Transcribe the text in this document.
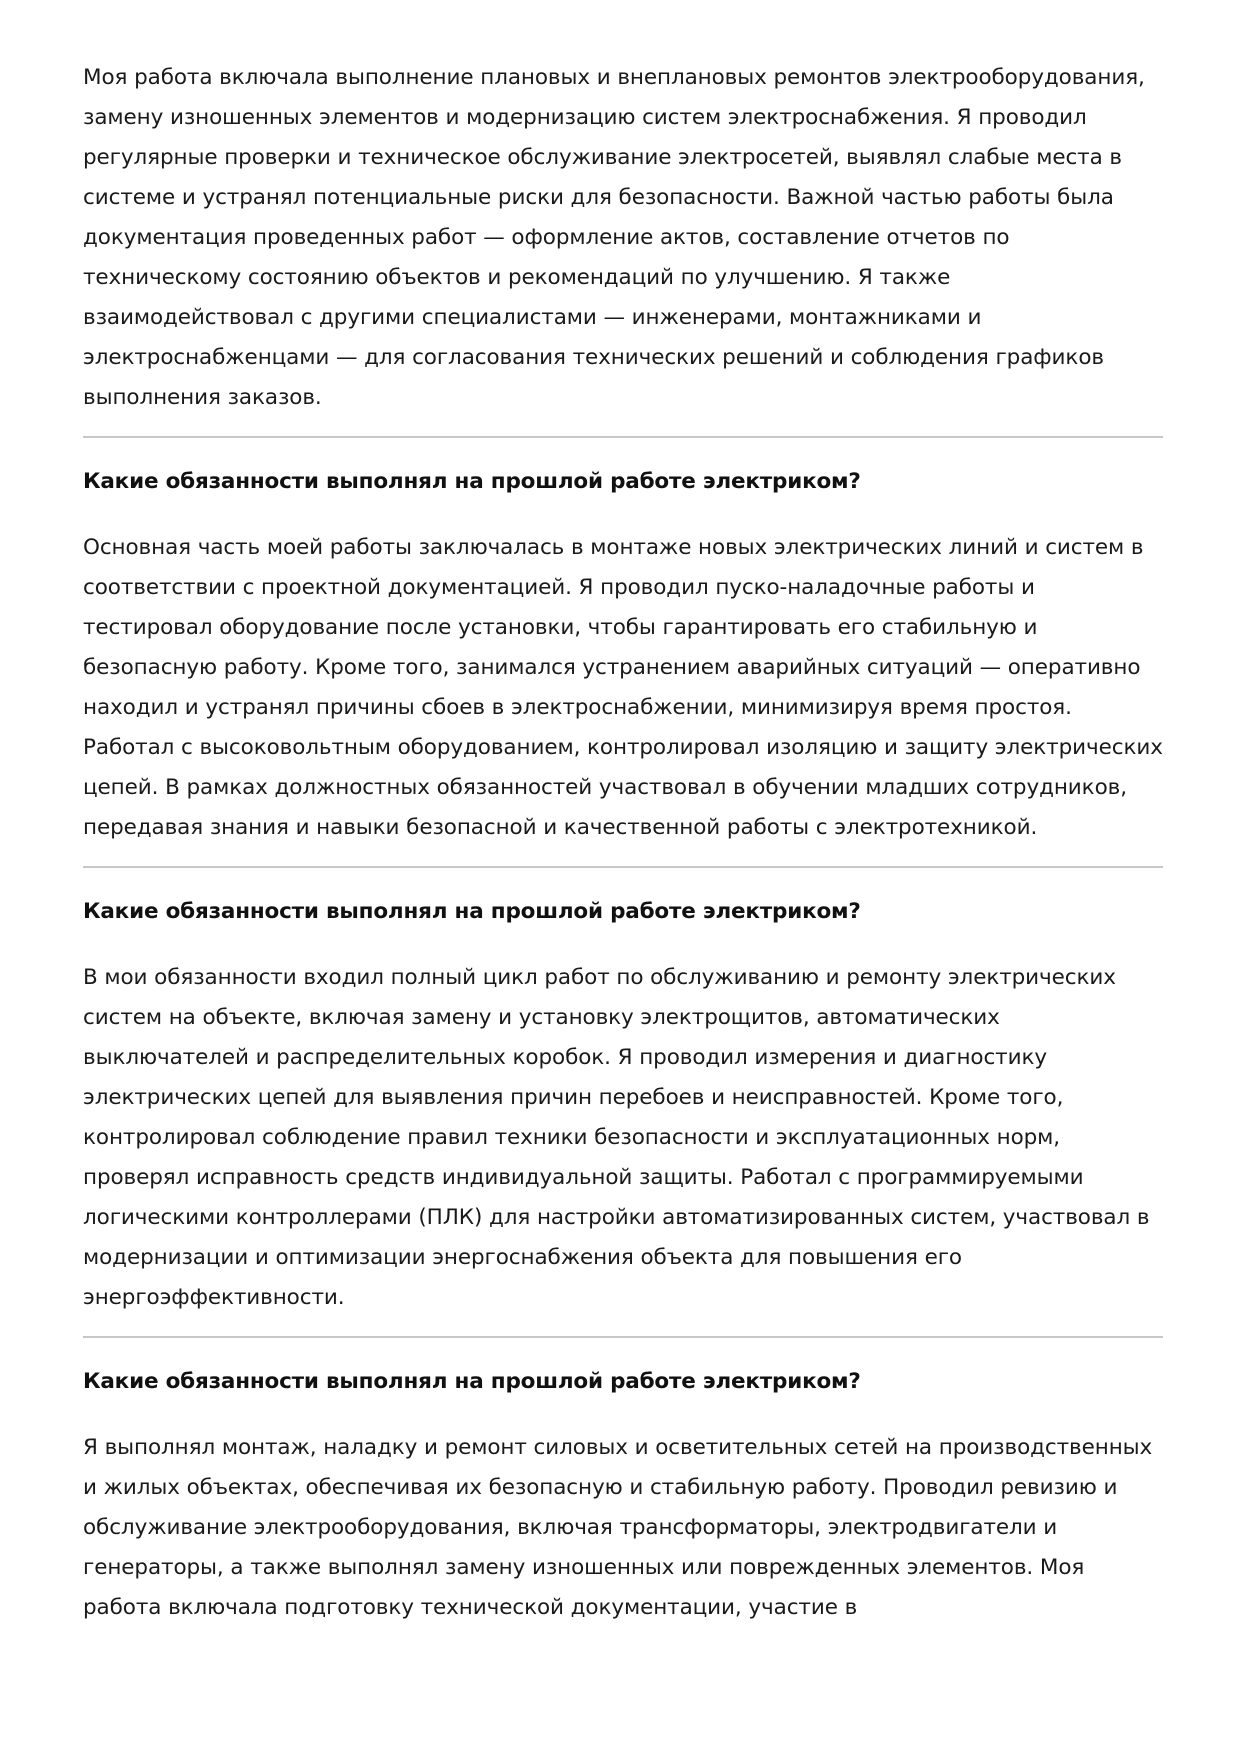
Моя работа включала выполнение плановых и внеплановых ремонтов электрооборудования, замену изношенных элементов и модернизацию систем электроснабжения. Я проводил регулярные проверки и техническое обслуживание электросетей, выявлял слабые места в системе и устранял потенциальные риски для безопасности. Важной частью работы была документация проведенных работ — оформление актов, составление отчетов по техническому состоянию объектов и рекомендаций по улучшению. Я также взаимодействовал с другими специалистами — инженерами, монтажниками и электроснабженцами — для согласования технических решений и соблюдения графиков выполнения заказов.

Какие обязанности выполнял на прошлой работе электриком?

Основная часть моей работы заключалась в монтаже новых электрических линий и систем в соответствии с проектной документацией. Я проводил пуско-наладочные работы и тестировал оборудование после установки, чтобы гарантировать его стабильную и безопасную работу. Кроме того, занимался устранением аварийных ситуаций — оперативно находил и устранял причины сбоев в электроснабжении, минимизируя время простоя. Работал с высоковольтным оборудованием, контролировал изоляцию и защиту электрических цепей. В рамках должностных обязанностей участвовал в обучении младших сотрудников, передавая знания и навыки безопасной и качественной работы с электротехникой.

Какие обязанности выполнял на прошлой работе электриком?

В мои обязанности входил полный цикл работ по обслуживанию и ремонту электрических систем на объекте, включая замену и установку электрощитов, автоматических выключателей и распределительных коробок. Я проводил измерения и диагностику электрических цепей для выявления причин перебоев и неисправностей. Кроме того, контролировал соблюдение правил техники безопасности и эксплуатационных норм, проверял исправность средств индивидуальной защиты. Работал с программируемыми логическими контроллерами (ПЛК) для настройки автоматизированных систем, участвовал в модернизации и оптимизации энергоснабжения объекта для повышения его энергоэффективности.

Какие обязанности выполнял на прошлой работе электриком?

Я выполнял монтаж, наладку и ремонт силовых и осветительных сетей на производственных и жилых объектах, обеспечивая их безопасную и стабильную работу. Проводил ревизию и обслуживание электрооборудования, включая трансформаторы, электродвигатели и генераторы, а также выполнял замену изношенных или поврежденных элементов. Моя работа включала подготовку технической документации, участие в
